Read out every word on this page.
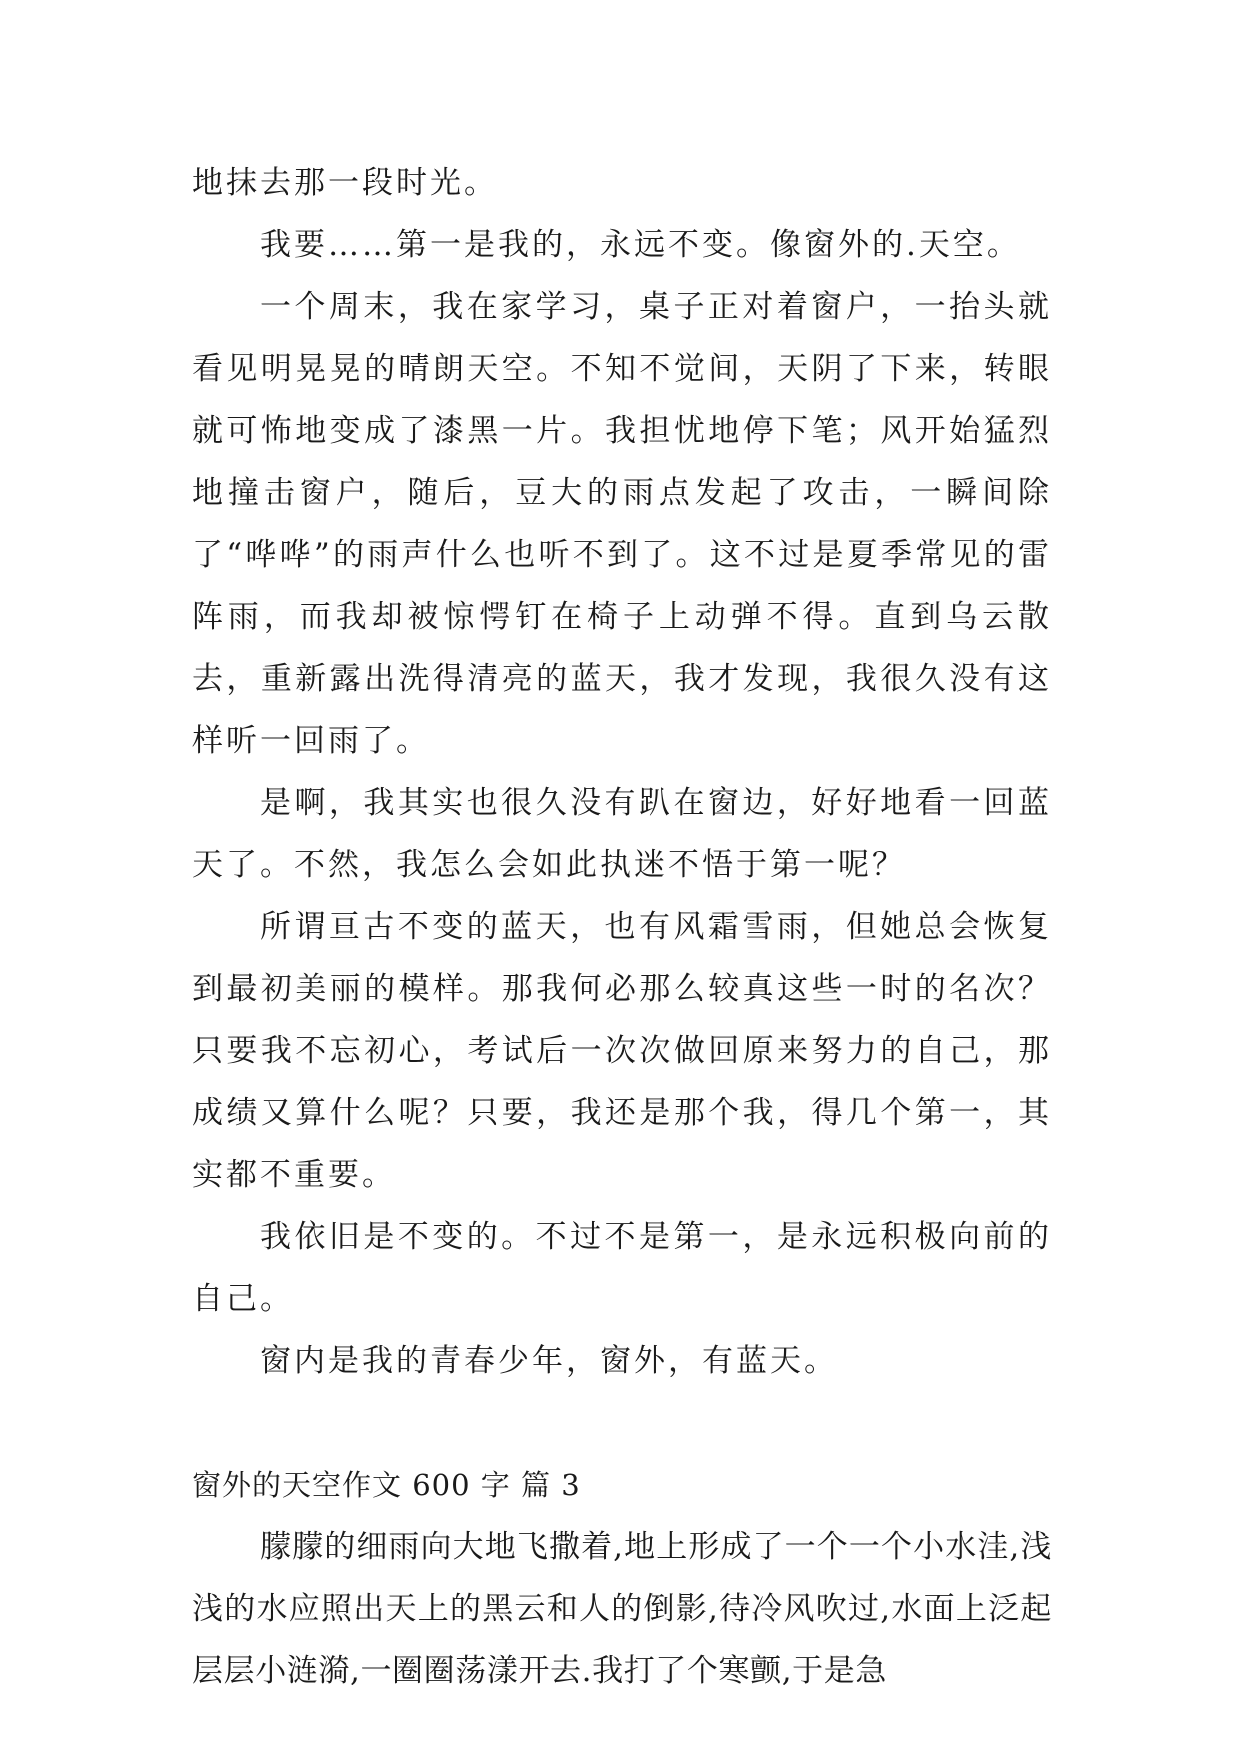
地抹去那一段时光。

我要……第一是我的，永远不变。像窗外的.天空。

一个周末，我在家学习，桌子正对着窗户，一抬头就看见明晃晃的晴朗天空。不知不觉间，天阴了下来，转眼就可怖地变成了漆黑一片。我担忧地停下笔；风开始猛烈地撞击窗户，随后，豆大的雨点发起了攻击，一瞬间除了“哗哗”的雨声什么也听不到了。这不过是夏季常见的雷阵雨，而我却被惊愕钉在椅子上动弹不得。直到乌云散去，重新露出洗得清亮的蓝天，我才发现，我很久没有这样听一回雨了。

是啊，我其实也很久没有趴在窗边，好好地看一回蓝天了。不然，我怎么会如此执迷不悟于第一呢？

所谓亘古不变的蓝天，也有风霜雪雨，但她总会恢复到最初美丽的模样。那我何必那么较真这些一时的名次？只要我不忘初心，考试后一次次做回原来努力的自己，那成绩又算什么呢？只要，我还是那个我，得几个第一，其实都不重要。

我依旧是不变的。不过不是第一，是永远积极向前的自己。

窗内是我的青春少年，窗外，有蓝天。

窗外的天空作文 600 字 篇 3

朦朦的细雨向大地飞撒着,地上形成了一个一个小水洼,浅浅的水应照出天上的黑云和人的倒影,待冷风吹过,水面上泛起层层小涟漪,一圈圈荡漾开去.我打了个寒颤,于是急
